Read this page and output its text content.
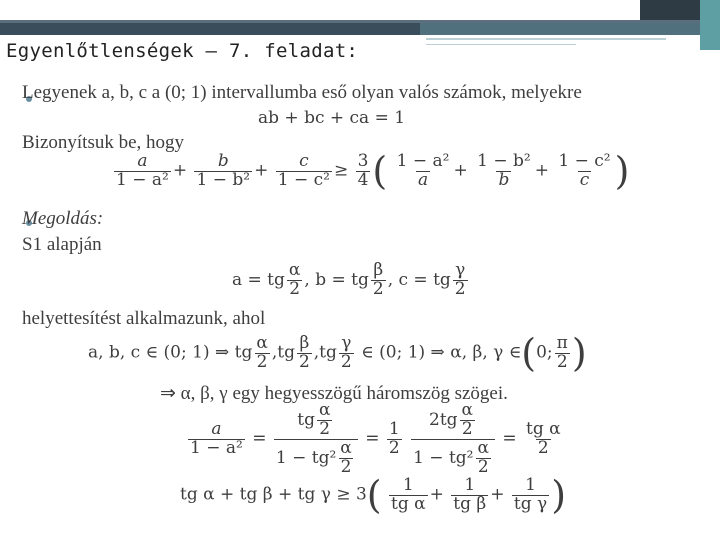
Egyenlőtlenségek – 7. feladat:
Legyenek a, b, c a (0; 1) intervallumba eső olyan valós számok, melyekre
ab + bc + ca = 1
Bizonyítsuk be, hogy
$\frac{a}{\text{1 − a²}} + \frac{b}{\text{1 − b²}} + \frac{c}{\text{1 − c²}} \ge \frac{3}{4}$ ( $\frac{\text{1 − a²}}{a} + \frac{\text{1 − b²}}{b} + \frac{\text{1 − c²}}{c}$ )
Megoldás:
S1 alapján
a = tg $\frac{\alpha}{2}$ , b = tg $\frac{\beta}{2}$ , c = tg $\frac{\gamma}{2}$
helyettesítést alkalmazunk, ahol
a, b, c ∈ (0; 1) ⇒ tg $\frac{\alpha}{2} ,tg \frac{\beta}{2} ,tg \frac{\gamma}{2}$ ∈ (0; 1) ⇒ α, β, γ ∈(0; $\frac{\pi}{2}$ )
⇒ α, β, γ egy hegyesszögű háromszög szögei.
$\frac{a}{\text{1 − a²}} = \frac{tg \frac{\alpha}{2}}{1 - tg^2 \frac{\alpha}{2}} = \frac{1}{2}$
$\frac{2tg \frac{\alpha}{2}}{1 - tg^2 \frac{\alpha}{2}} = \frac{\text{tg α}}{2}$
tg α + tg β + tg $\gamma \ge 3( \frac{1}{\text{tg α}} + \frac{1}{\text{tg β}} + \frac{1}{\text{tg γ}}$ )
